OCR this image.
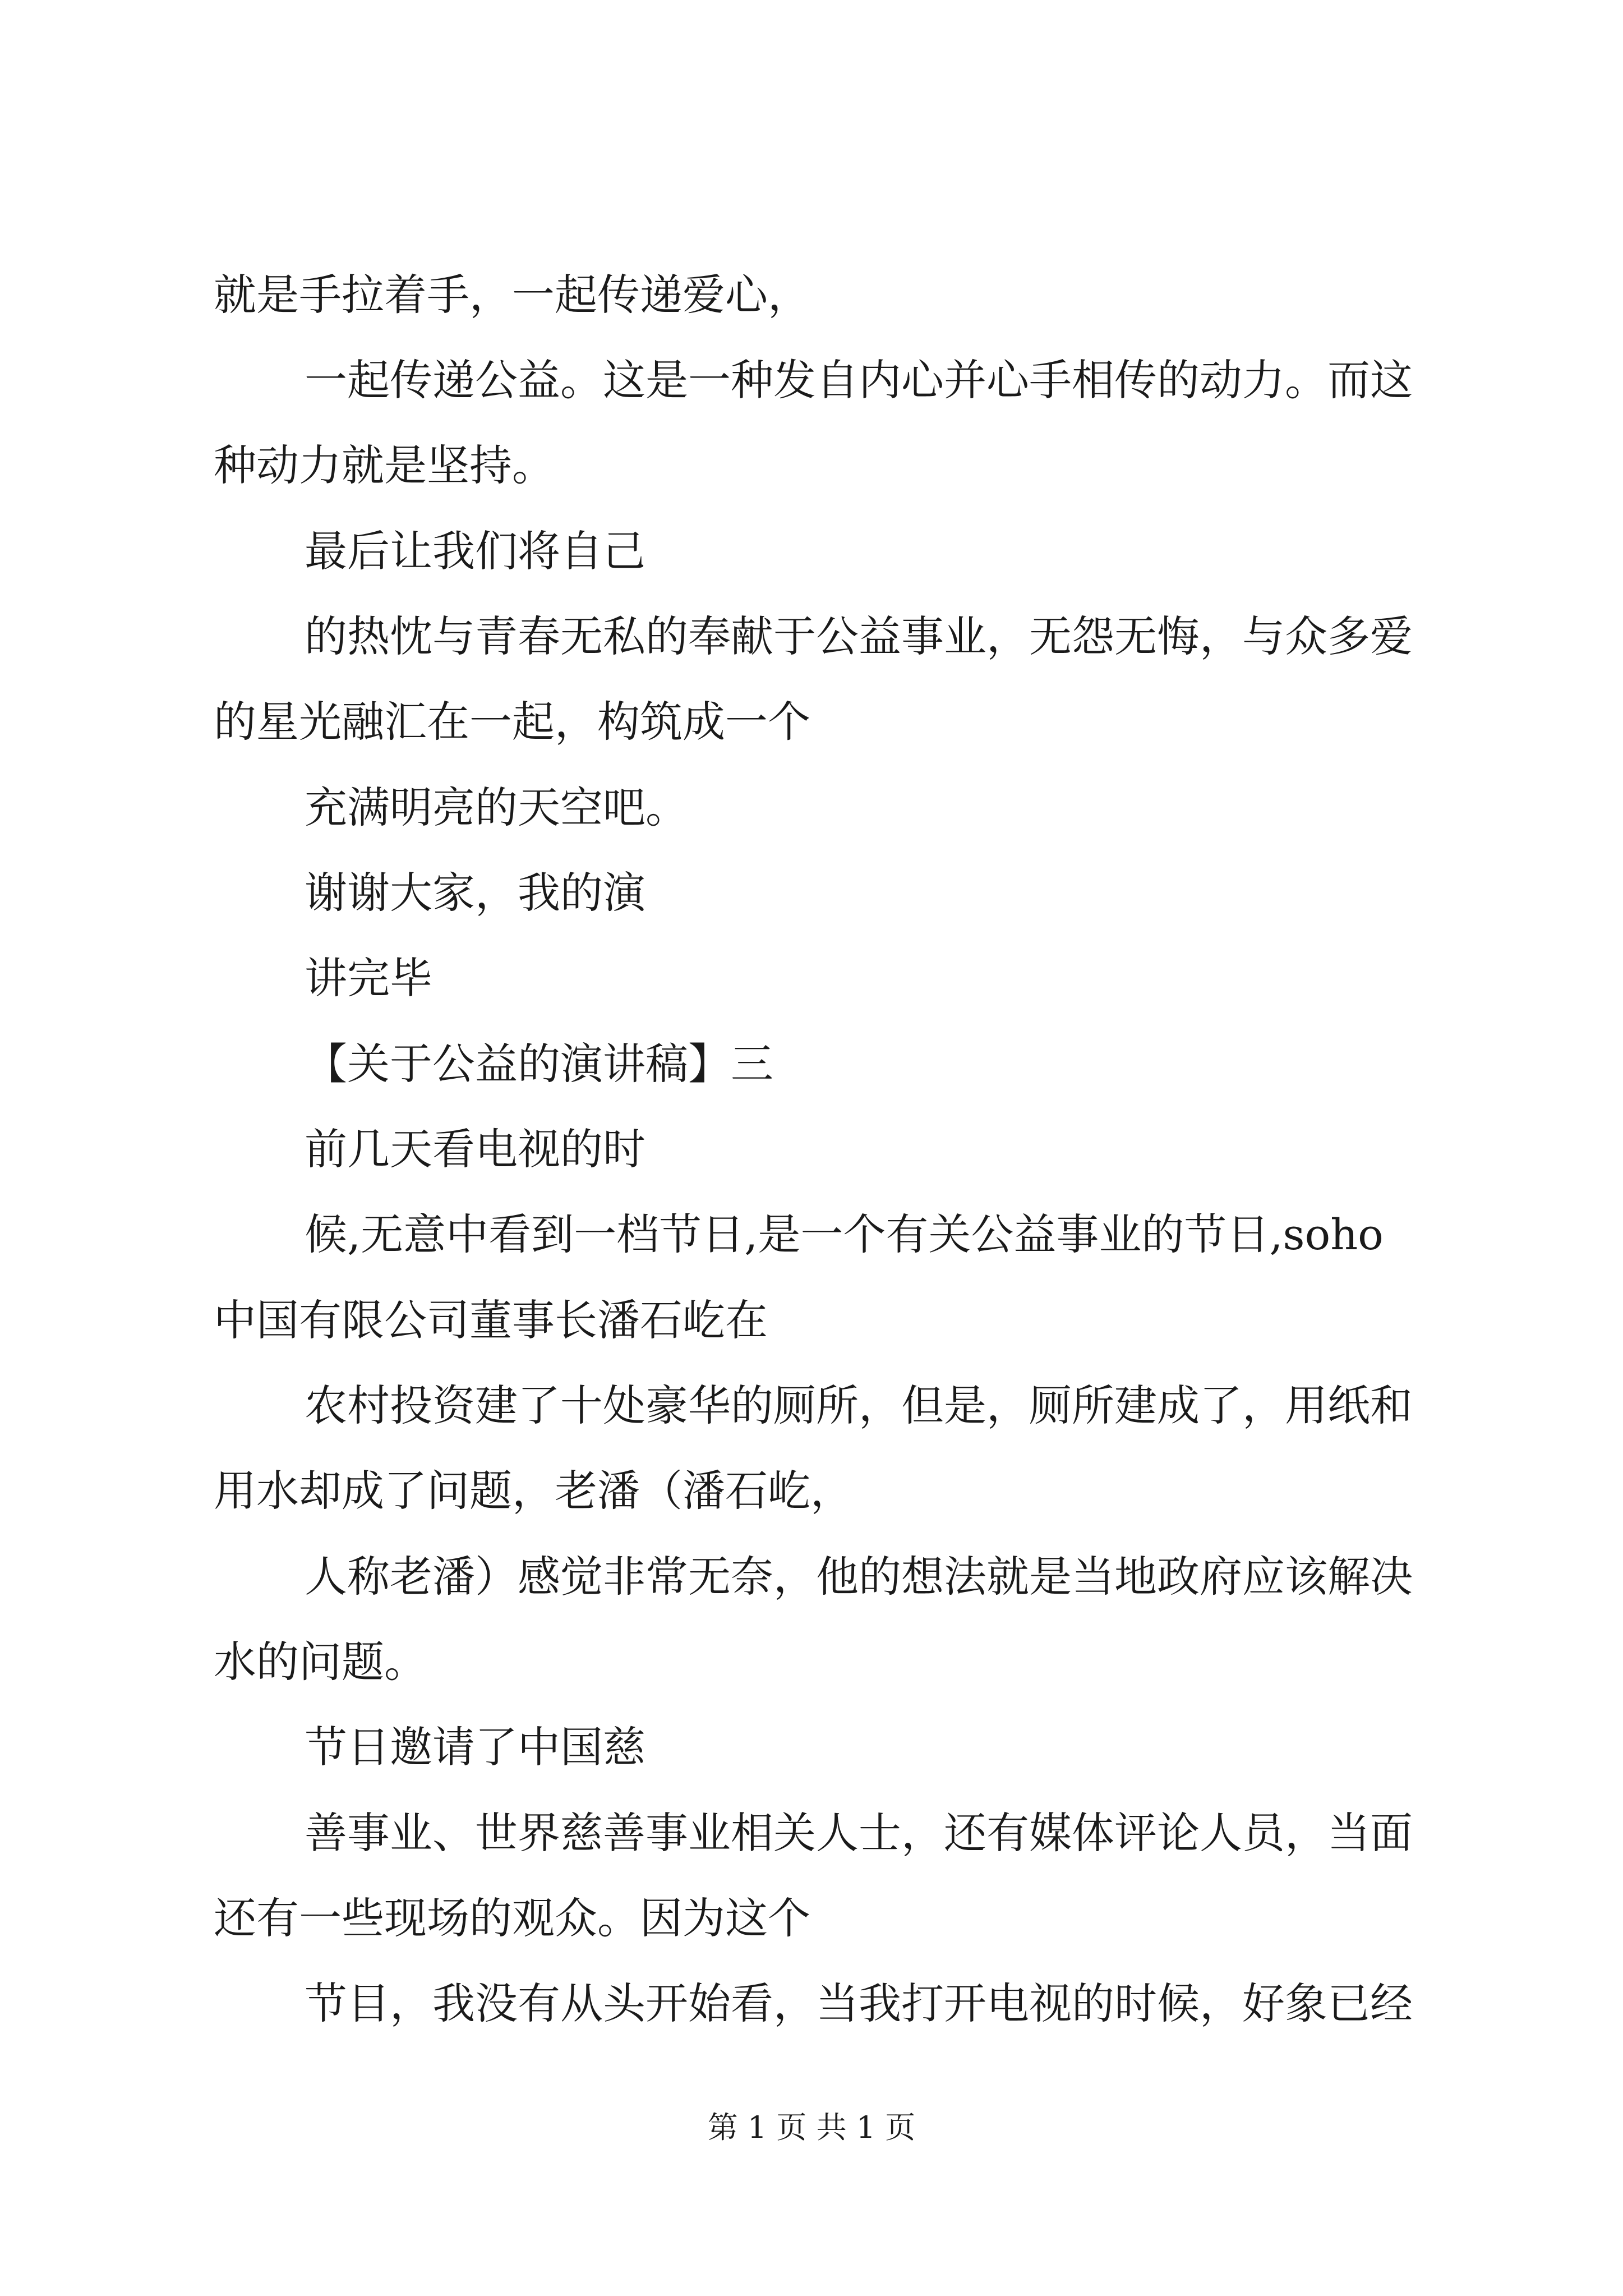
就是手拉着手，一起传递爱心，
一起传递公益。这是一种发自内心并心手相传的动力。而这
种动力就是坚持。
最后让我们将自己
的热忱与青春无私的奉献于公益事业，无怨无悔，与众多爱
的星光融汇在一起，构筑成一个
充满明亮的天空吧。
谢谢大家，我的演
讲完毕
【关于公益的演讲稿】三
前几天看电视的时
候,无意中看到一档节日,是一个有关公益事业的节日,soho
中国有限公司董事长潘石屹在
农村投资建了十处豪华的厕所，但是，厕所建成了，用纸和
用水却成了问题，老潘（潘石屹，
人称老潘）感觉非常无奈，他的想法就是当地政府应该解决
水的问题。
节日邀请了中国慈
善事业、世界慈善事业相关人士，还有媒体评论人员，当面
还有一些现场的观众。因为这个
节目，我没有从头开始看，当我打开电视的时候，好象已经
第 1 页 共 1 页
